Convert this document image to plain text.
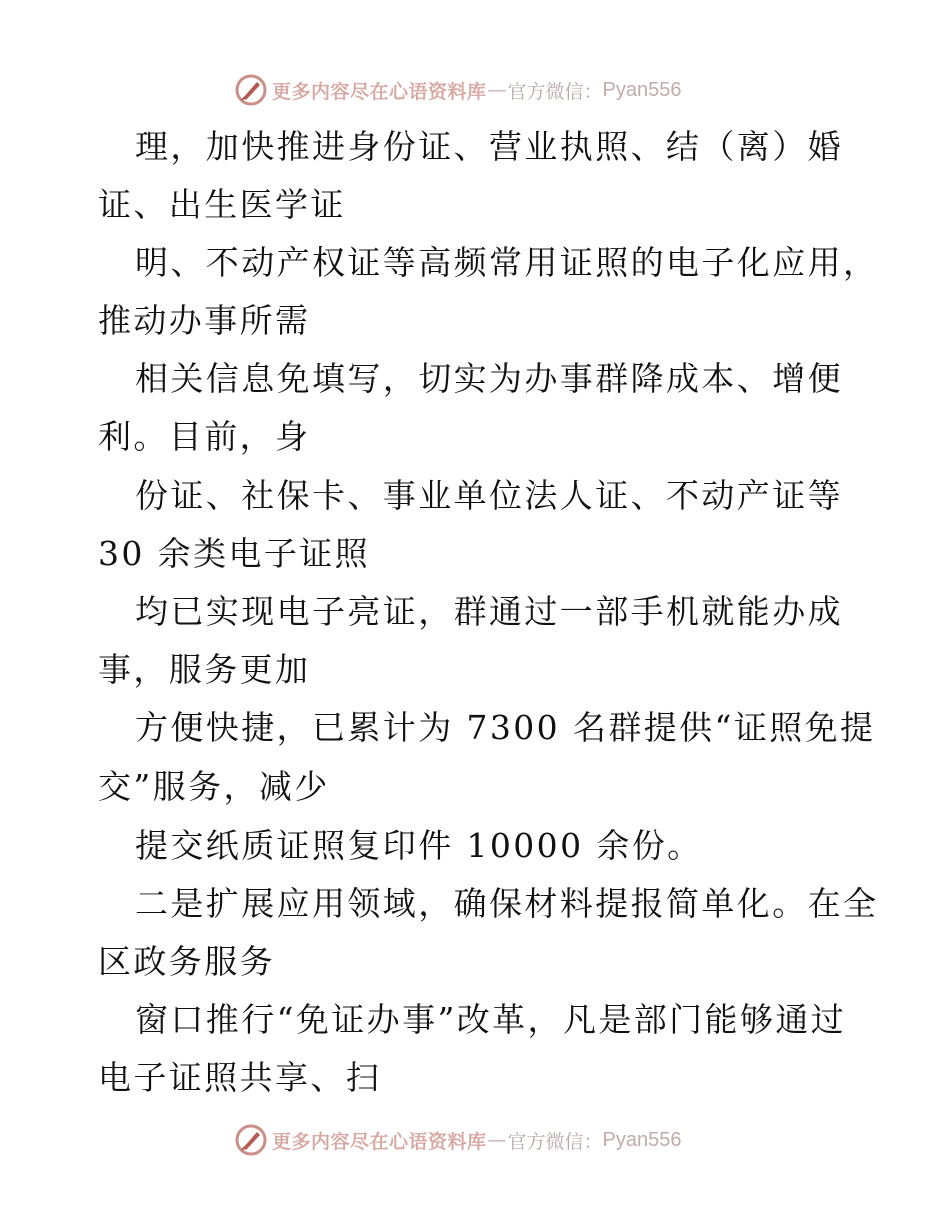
更多内容尽在心语资料库 — 官方微信： Pyan556
理，加快推进身份证、营业执照、结（离）婚
证、出生医学证
明、不动产权证等高频常用证照的电子化应用，
推动办事所需
相关信息免填写，切实为办事群降成本、增便
利。目前，身
份证、社保卡、事业单位法人证、不动产证等
30 余类电子证照
均已实现电子亮证，群通过一部手机就能办成
事，服务更加
方便快捷，已累计为 7300 名群提供“证照免提
交”服务，减少
提交纸质证照复印件 10000 余份。
二是扩展应用领域，确保材料提报简单化。在全
区政务服务
窗口推行“免证办事”改革，凡是部门能够通过
电子证照共享、扫
更多内容尽在心语资料库 — 官方微信： Pyan556
